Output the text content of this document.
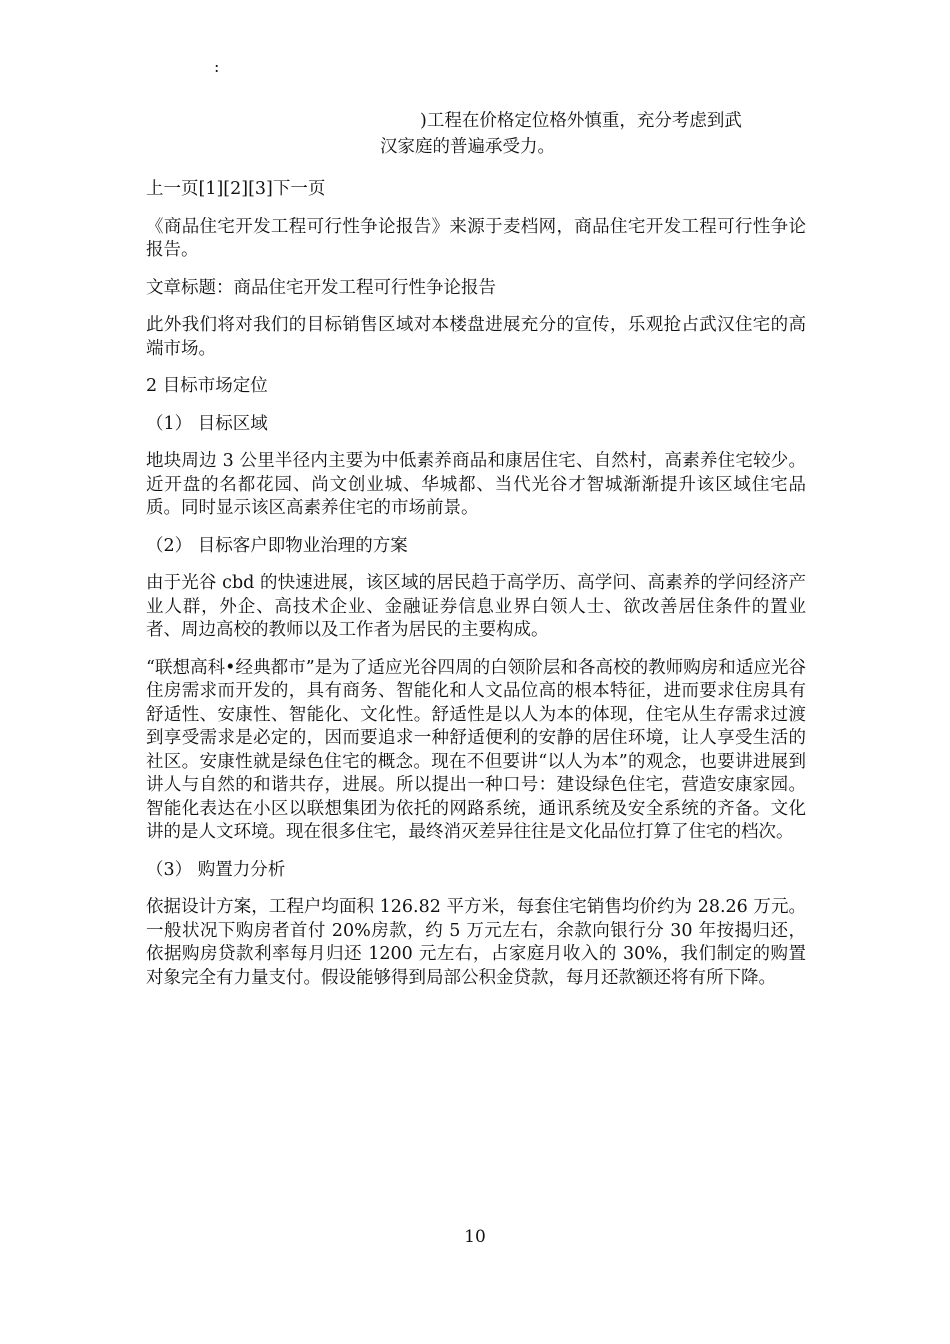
:
)工程在价格定位格外慎重，充分考虑到武
汉家庭的普遍承受力。

上一页[1][2][3]下一页

《商品住宅开发工程可行性争论报告》来源于麦档网，商品住宅开发工程可行性争论报告。

文章标题：商品住宅开发工程可行性争论报告

此外我们将对我们的目标销售区域对本楼盘进展充分的宣传，乐观抢占武汉住宅的高端市场。

2 目标市场定位

（1） 目标区域

地块周边 3 公里半径内主要为中低素养商品和康居住宅、自然村，高素养住宅较少。近开盘的名都花园、尚文创业城、华城都、当代光谷才智城渐渐提升该区域住宅品质。同时显示该区高素养住宅的市场前景。

（2） 目标客户即物业治理的方案

由于光谷 cbd 的快速进展，该区域的居民趋于高学历、高学问、高素养的学问经济产业人群，外企、高技术企业、金融证券信息业界白领人士、欲改善居住条件的置业者、周边高校的教师以及工作者为居民的主要构成。

“联想高科•经典都市”是为了适应光谷四周的白领阶层和各高校的教师购房和适应光谷住房需求而开发的，具有商务、智能化和人文品位高的根本特征，进而要求住房具有舒适性、安康性、智能化、文化性。舒适性是以人为本的体现，住宅从生存需求过渡到享受需求是必定的，因而要追求一种舒适便利的安静的居住环境，让人享受生活的社区。安康性就是绿色住宅的概念。现在不但要讲“以人为本”的观念，也要讲进展到讲人与自然的和谐共存，进展。所以提出一种口号：建设绿色住宅，营造安康家园。智能化表达在小区以联想集团为依托的网路系统，通讯系统及安全系统的齐备。文化讲的是人文环境。现在很多住宅，最终消灭差异往往是文化品位打算了住宅的档次。

（3） 购置力分析

依据设计方案，工程户均面积 126.82 平方米，每套住宅销售均价约为 28.26 万元。一般状况下购房者首付 20%房款，约 5 万元左右，余款向银行分 30 年按揭归还，依据购房贷款利率每月归还 1200 元左右，占家庭月收入的 30%，我们制定的购置对象完全有力量支付。假设能够得到局部公积金贷款，每月还款额还将有所下降。

10
